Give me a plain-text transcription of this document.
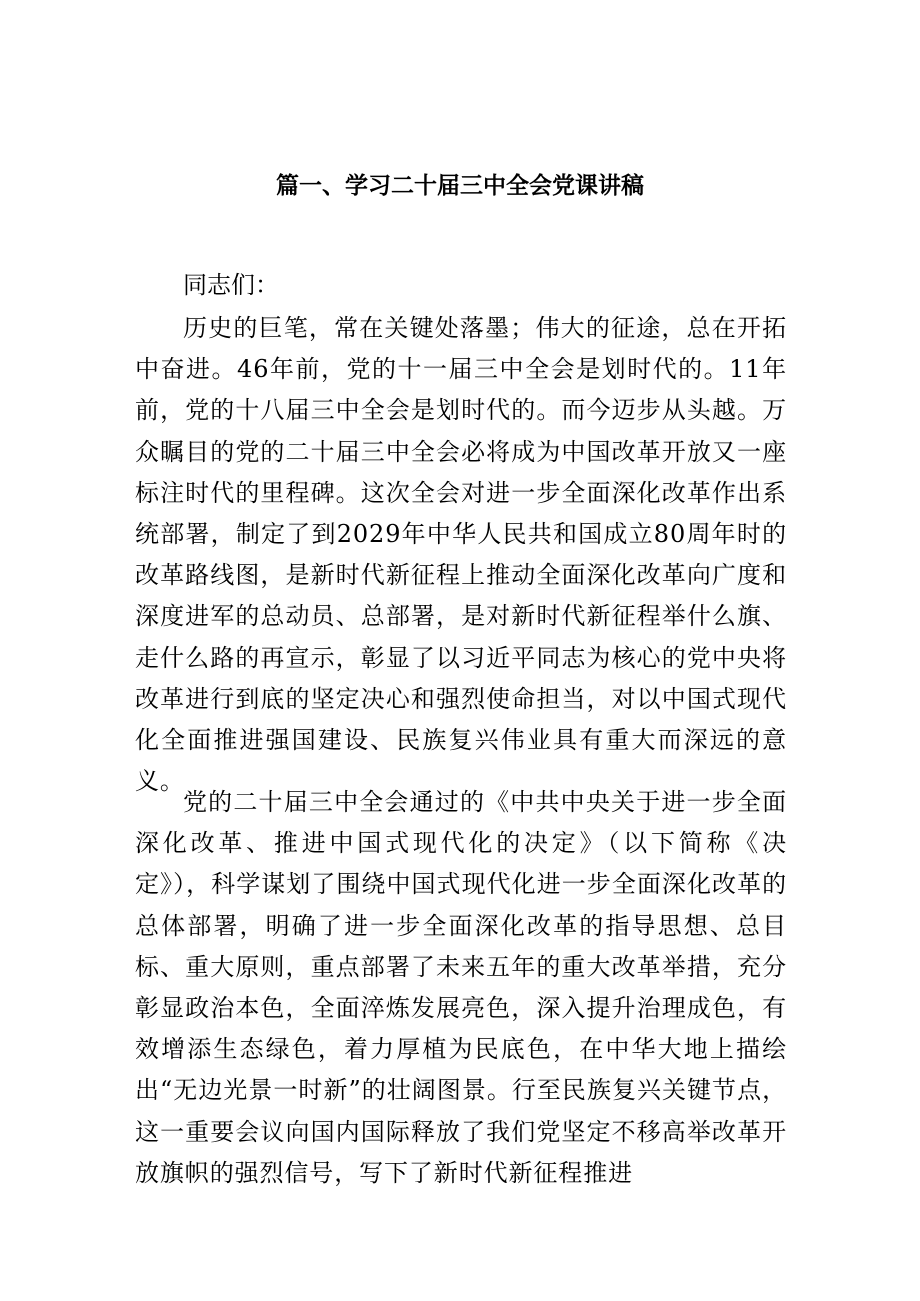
篇一、学习二十届三中全会党课讲稿
同志们：

历史的巨笔，常在关键处落墨；伟大的征途，总在开拓中奋进。46年前，党的十一届三中全会是划时代的。11年前，党的十八届三中全会是划时代的。而今迈步从头越。万众瞩目的党的二十届三中全会必将成为中国改革开放又一座标注时代的里程碑。这次全会对进一步全面深化改革作出系统部署，制定了到2029年中华人民共和国成立80周年时的改革路线图，是新时代新征程上推动全面深化改革向广度和深度进军的总动员、总部署，是对新时代新征程举什么旗、走什么路的再宣示，彰显了以习近平同志为核心的党中央将改革进行到底的坚定决心和强烈使命担当，对以中国式现代化全面推进强国建设、民族复兴伟业具有重大而深远的意义。

党的二十届三中全会通过的《中共中央关于进一步全面深化改革、推进中国式现代化的决定》（以下简称《决定》），科学谋划了围绕中国式现代化进一步全面深化改革的总体部署，明确了进一步全面深化改革的指导思想、总目标、重大原则，重点部署了未来五年的重大改革举措，充分彰显政治本色，全面淬炼发展亮色，深入提升治理成色，有效增添生态绿色，着力厚植为民底色，在中华大地上描绘出“无边光景一时新”的壮阔图景。行至民族复兴关键节点，这一重要会议向国内国际释放了我们党坚定不移高举改革开放旗帜的强烈信号，写下了新时代新征程推进
